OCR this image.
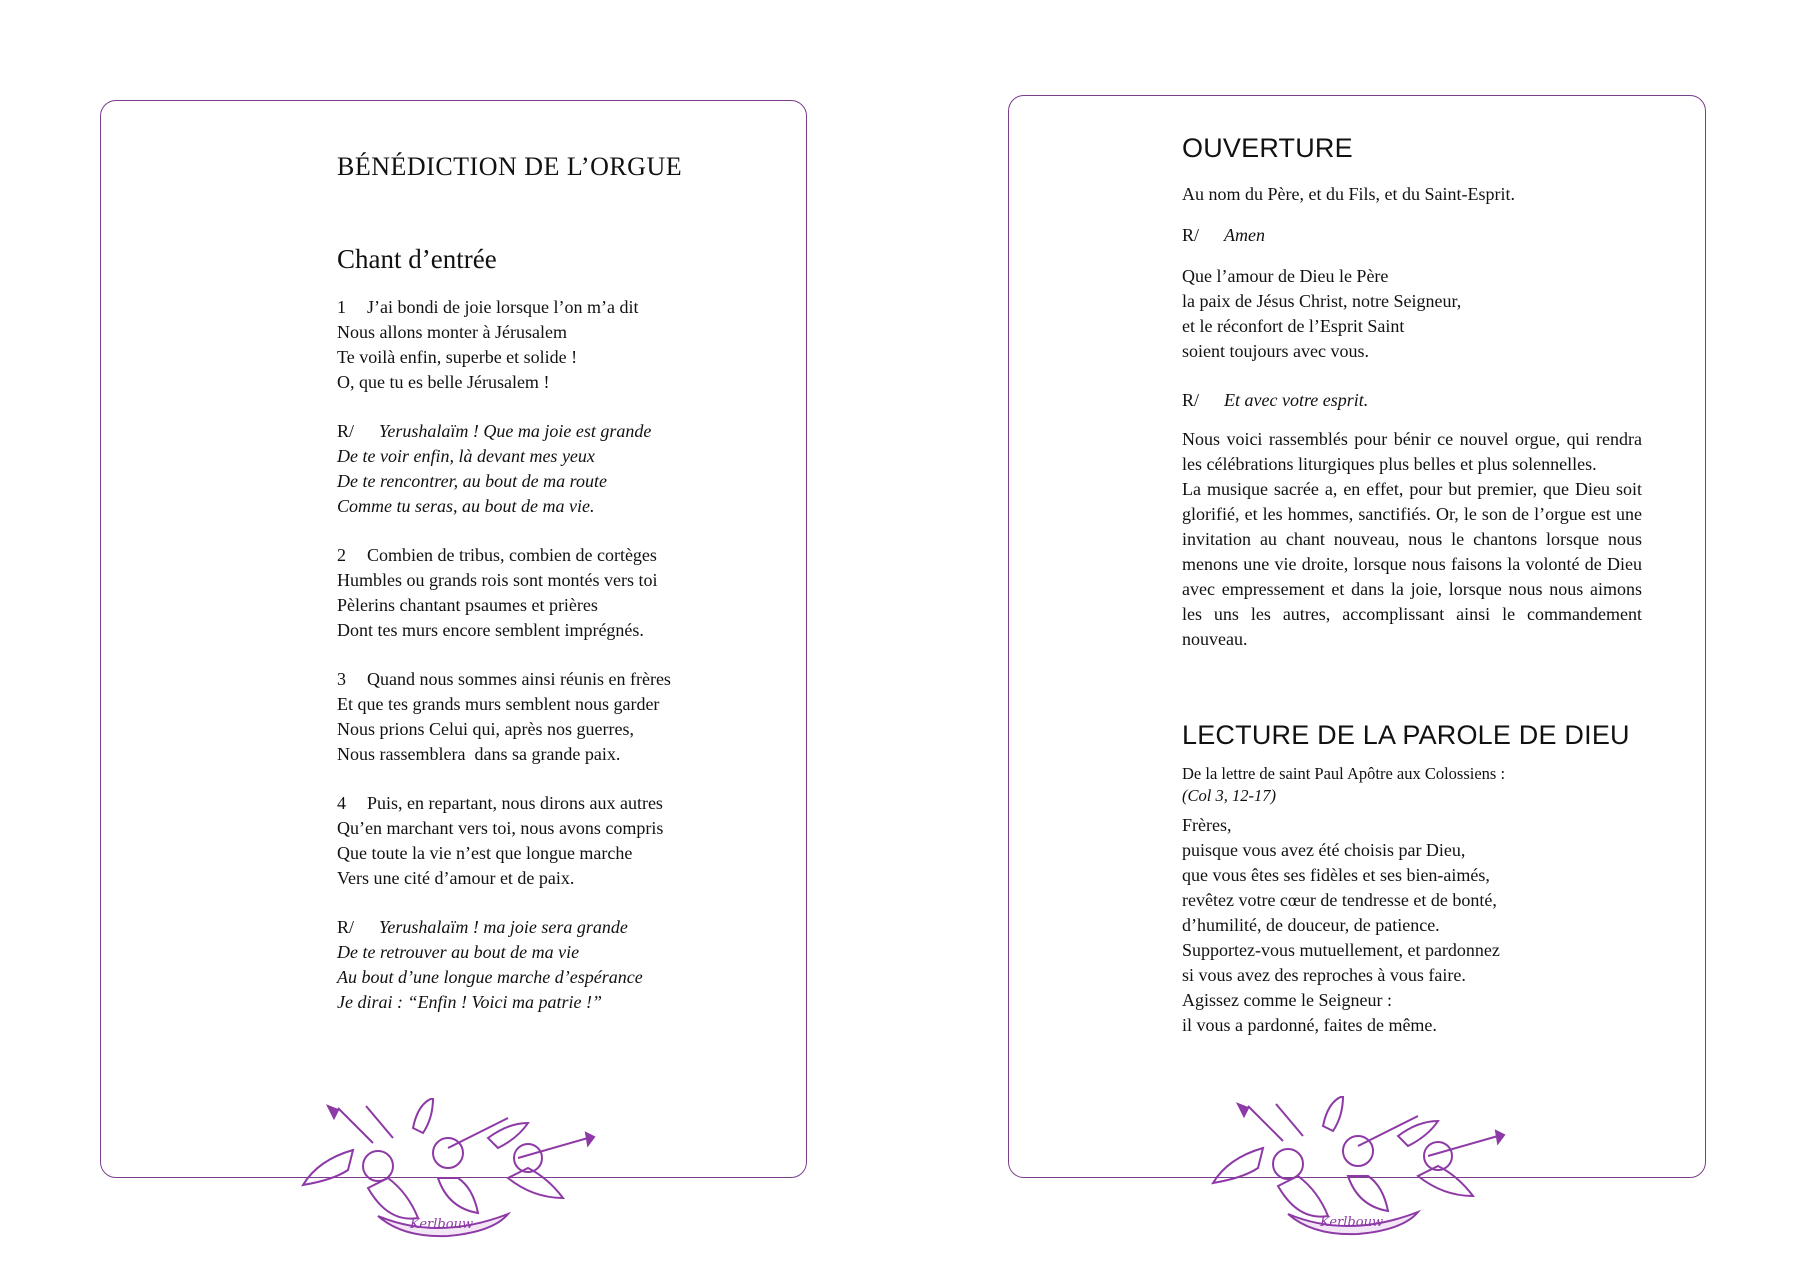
BÉNÉDICTION DE L’ORGUE
Chant d’entrée
1 J’ai bondi de joie lorsque l’on m’a dit
Nous allons monter à Jérusalem
Te voilà enfin, superbe et solide !
O, que tu es belle Jérusalem !
R/ Yerushalaïm ! Que ma joie est grande
De te voir enfin, là devant mes yeux
De te rencontrer, au bout de ma route
Comme tu seras, au bout de ma vie.
2 Combien de tribus, combien de cortèges
Humbles ou grands rois sont montés vers toi
Pèlerins chantant psaumes et prières
Dont tes murs encore semblent imprégnés.
3 Quand nous sommes ainsi réunis en frères
Et que tes grands murs semblent nous garder
Nous prions Celui qui, après nos guerres,
Nous rassemblera  dans sa grande paix.
4 Puis, en repartant, nous dirons aux autres
Qu’en marchant vers toi, nous avons compris
Que toute la vie n’est que longue marche
Vers une cité d’amour et de paix.
R/ Yerushalaïm ! ma joie sera grande
De te retrouver au bout de ma vie
Au bout d’une longue marche d’espérance
Je dirai : “Enfin ! Voici ma patrie !”
OUVERTURE
Au nom du Père, et du Fils, et du Saint-Esprit.
R/ Amen
Que l’amour de Dieu le Père
la paix de Jésus Christ, notre Seigneur,
et le réconfort de l’Esprit Saint
soient toujours avec vous.
R/ Et avec votre esprit.
Nous voici rassemblés pour bénir ce nouvel orgue, qui rendra les célébrations liturgiques plus belles et plus solennelles.
La musique sacrée a, en effet, pour but premier, que Dieu soit glorifié, et les hommes, sanctifiés. Or, le son de l’orgue est une invitation au chant nouveau, nous le chantons lorsque nous menons une vie droite, lorsque nous faisons la volonté de Dieu avec empressement et dans la joie, lorsque nous nous aimons les uns les autres, accomplissant ainsi le commandement nouveau.
LECTURE DE LA PAROLE DE DIEU
De la lettre de saint Paul Apôtre aux Colossiens :
(Col 3, 12-17)
Frères,
puisque vous avez été choisis par Dieu,
que vous êtes ses fidèles et ses bien-aimés,
revêtez votre cœur de tendresse et de bonté,
d’humilité, de douceur, de patience.
Supportez-vous mutuellement, et pardonnez
si vous avez des reproches à vous faire.
Agissez comme le Seigneur :
il vous a pardonné, faites de même.
Kerlbouw	Kerlbouw
